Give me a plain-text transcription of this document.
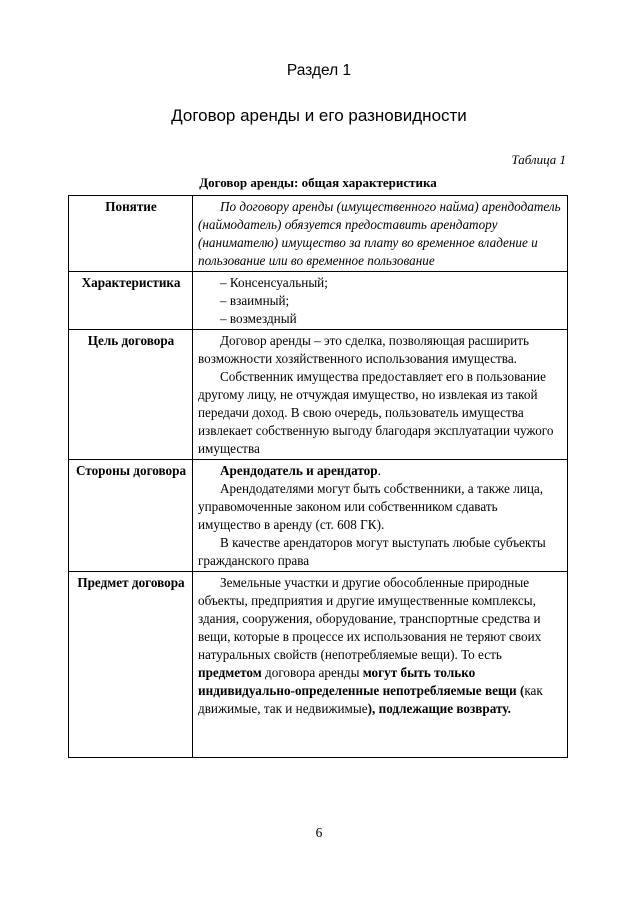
Раздел 1
Договор аренды и его разновидности
Таблица 1
Договор аренды: общая характеристика
Понятие	По договору аренды (имущественного найма) арендодатель (наймодатель) обязуется предоставить арендатору (нанимателю) имущество за плату во временное владение и пользование или во временное пользование

Характеристика	– Консенсуальный;
– взаимный;
– возмездный

Цель договора	Договор аренды – это сделка, позволяющая расширить возможности хозяйственного использования имущества.
Собственник имущества предоставляет его в пользование другому лицу, не отчуждая имущество, но извлекая из такой передачи доход. В свою очередь, пользователь имущества извлекает собственную выгоду благодаря эксплуатации чужого имущества

Стороны договора	Арендодатель и арендатор.
Арендодателями могут быть собственники, а также лица, управомоченные законом или собственником сдавать имущество в аренду (ст. 608 ГК).
В качестве арендаторов могут выступать любые субъекты гражданского права

Предмет договора	Земельные участки и другие обособленные природные объекты, предприятия и другие имущественные комплексы, здания, сооружения, оборудование, транспортные средства и вещи, которые в процессе их использования не теряют своих натуральных свойств (непотребляемые вещи). То есть предметом договора аренды могут быть только индивидуально-определенные непотребляемые вещи (как движимые, так и недвижимые), подлежащие возврату.
6
